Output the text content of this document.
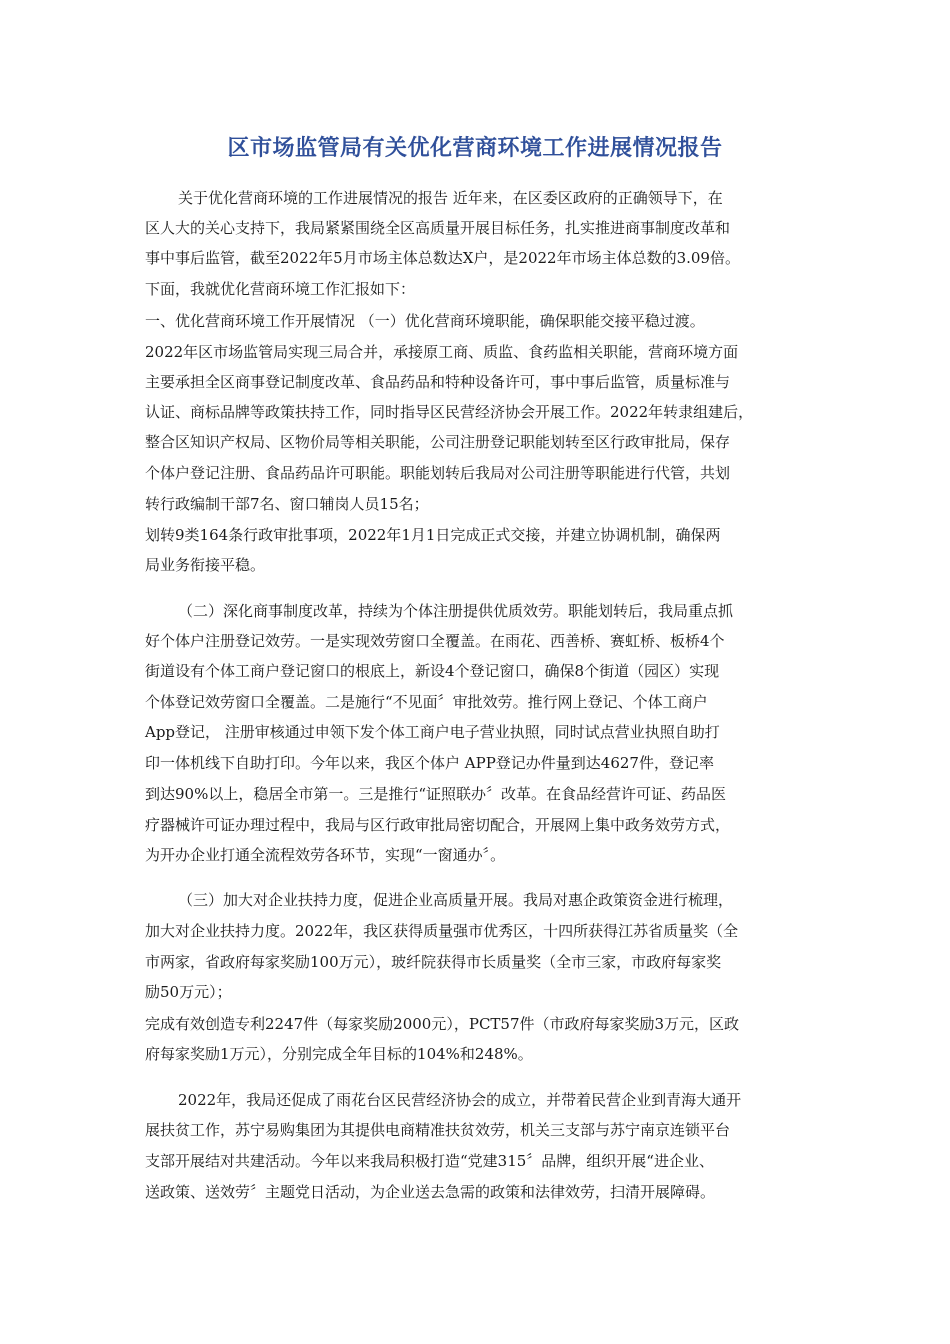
区市场监管局有关优化营商环境工作进展情况报告
关于优化营商环境的工作进展情况的报告 近年来，在区委区政府的正确领导下，在
区人大的关心支持下，我局紧紧围绕全区高质量开展目标任务，扎实推进商事制度改革和
事中事后监管，截至2022年5月市场主体总数达X户，是2022年市场主体总数的3.09倍。
下面，我就优化营商环境工作汇报如下：
一、优化营商环境工作开展情况 （一）优化营商环境职能，确保职能交接平稳过渡。
2022年区市场监管局实现三局合并，承接原工商、质监、食药监相关职能，营商环境方面
主要承担全区商事登记制度改革、食品药品和特种设备许可，事中事后监管，质量标准与
认证、商标品牌等政策扶持工作，同时指导区民营经济协会开展工作。2022年转隶组建后，
整合区知识产权局、区物价局等相关职能，公司注册登记职能划转至区行政审批局，保存
个体户登记注册、食品药品许可职能。职能划转后我局对公司注册等职能进行代管，共划
转行政编制干部7名、窗口辅岗人员15名；
划转9类164条行政审批事项，2022年1月1日完成正式交接，并建立协调机制，确保两
局业务衔接平稳。
（二）深化商事制度改革，持续为个体注册提供优质效劳。职能划转后，我局重点抓
好个体户注册登记效劳。一是实现效劳窗口全覆盖。在雨花、西善桥、赛虹桥、板桥4个
街道设有个体工商户登记窗口的根底上，新设4个登记窗口，确保8个街道（园区）实现
个体登记效劳窗口全覆盖。二是施行“不见面〞审批效劳。推行网上登记、个体工商户
App登记， 注册审核通过申领下发个体工商户电子营业执照，同时试点营业执照自助打
印一体机线下自助打印。今年以来，我区个体户 APP登记办件量到达4627件，登记率
到达90%以上，稳居全市第一。三是推行“证照联办〞改革。在食品经营许可证、药品医
疗器械许可证办理过程中，我局与区行政审批局密切配合，开展网上集中政务效劳方式，
为开办企业打通全流程效劳各环节，实现“一窗通办〞。
（三）加大对企业扶持力度，促进企业高质量开展。我局对惠企政策资金进行梳理，
加大对企业扶持力度。2022年，我区获得质量强市优秀区，十四所获得江苏省质量奖（全
市两家，省政府每家奖励100万元），玻纤院获得市长质量奖（全市三家，市政府每家奖
励50万元）；
完成有效创造专利2247件（每家奖励2000元），PCT57件（市政府每家奖励3万元，区政
府每家奖励1万元），分别完成全年目标的104%和248%。
2022年，我局还促成了雨花台区民营经济协会的成立，并带着民营企业到青海大通开
展扶贫工作，苏宁易购集团为其提供电商精准扶贫效劳，机关三支部与苏宁南京连锁平台
支部开展结对共建活动。今年以来我局积极打造“党建315〞品牌，组织开展“进企业、
送政策、送效劳〞主题党日活动，为企业送去急需的政策和法律效劳，扫清开展障碍。
